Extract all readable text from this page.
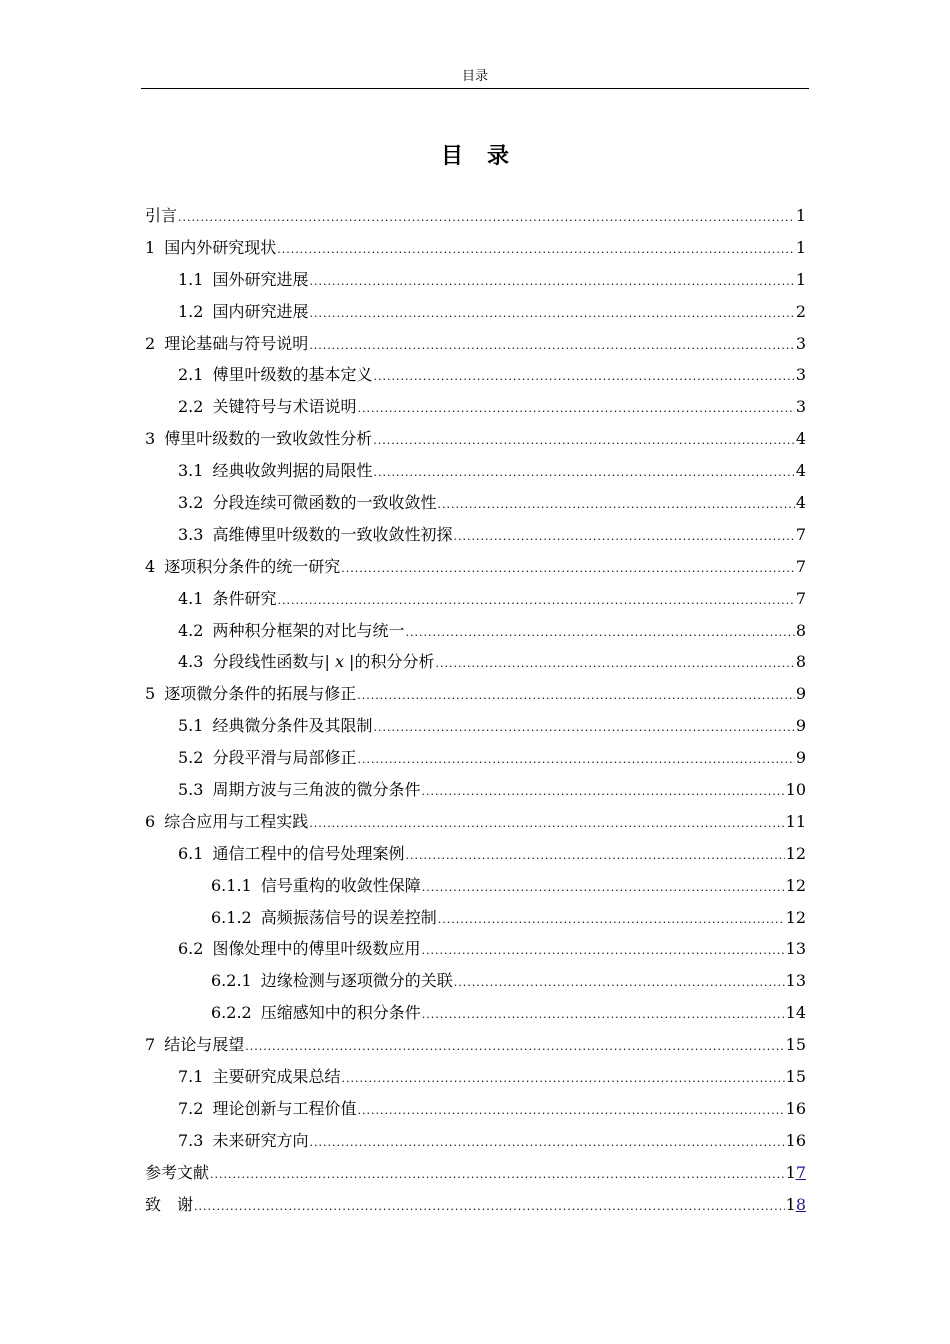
目录
目录
引言 .....	1
1 国内外研究现状 .....	1
1.1 国外研究进展 .....	1
1.2 国内研究进展 .....	2
2 理论基础与符号说明 .....	3
2.1 傅里叶级数的基本定义 .....	3
2.2 关键符号与术语说明 .....	3
3 傅里叶级数的一致收敛性分析 .....	4
3.1 经典收敛判据的局限性 .....	4
3.2 分段连续可微函数的一致收敛性 .....	4
3.3 高维傅里叶级数的一致收敛性初探 .....	7
4 逐项积分条件的统一研究 .....	7
4.1 条件研究 .....	7
4.2 两种积分框架的对比与统一 .....	8
4.3 分段线性函数与| x |的积分分析 .....	8
5 逐项微分条件的拓展与修正 .....	9
5.1 经典微分条件及其限制 .....	9
5.2 分段平滑与局部修正 .....	9
5.3 周期方波与三角波的微分条件 .....	10
6 综合应用与工程实践 .....	11
6.1 通信工程中的信号处理案例 .....	12
6.1.1 信号重构的收敛性保障 .....	12
6.1.2 高频振荡信号的误差控制 .....	12
6.2 图像处理中的傅里叶级数应用 .....	13
6.2.1 边缘检测与逐项微分的关联 .....	13
6.2.2 压缩感知中的积分条件 .....	14
7 结论与展望 .....	15
7.1 主要研究成果总结 .....	15
7.2 理论创新与工程价值 .....	16
7.3 未来研究方向 .....	16
参考文献 .....	17
致　谢 .....	18
